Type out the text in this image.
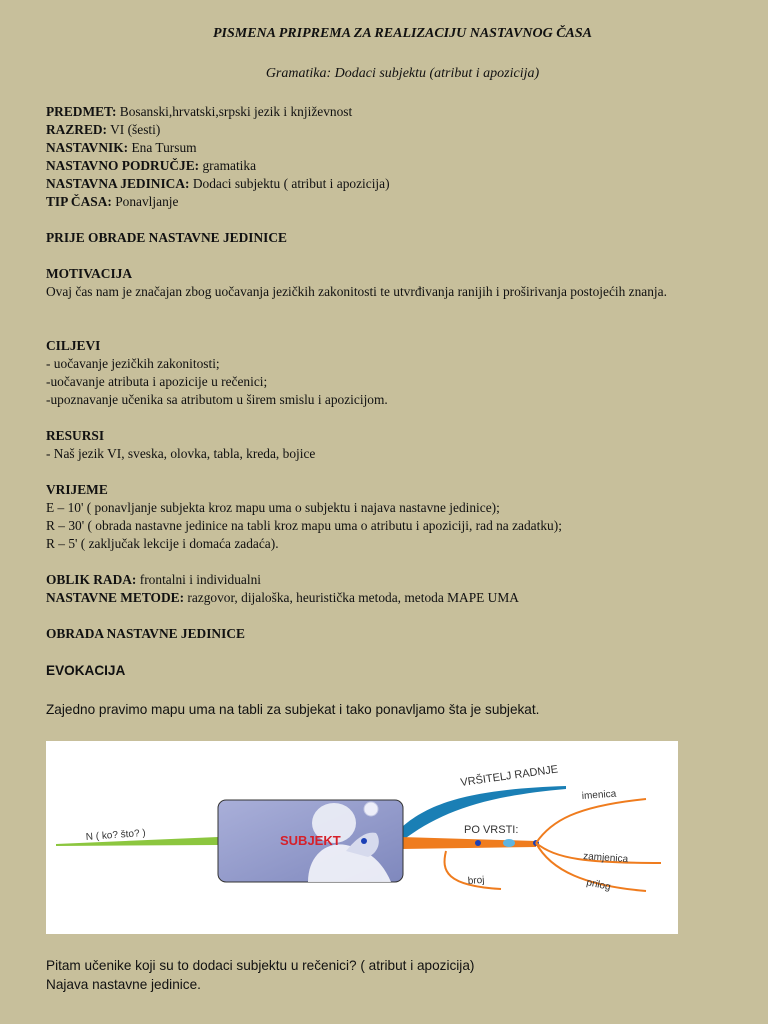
PISMENA PRIPREMA ZA REALIZACIJU NASTAVNOG ČASA
Gramatika: Dodaci subjektu (atribut i apozicija)
PREDMET: Bosanski,hrvatski,srpski jezik i književnost
RAZRED: VI (šesti)
NASTAVNIK: Ena Tursum
NASTAVNO PODRUČJE: gramatika
NASTAVNA JEDINICA: Dodaci subjektu ( atribut i apozicija)
TIP ČASA: Ponavljanje
PRIJE OBRADE NASTAVNE JEDINICE
MOTIVACIJA
Ovaj čas nam je značajan zbog uočavanja jezičkih zakonitosti te utvrđivanja ranijih i proširivanja postojećih znanja.
CILJEVI
- uočavanje jezičkih zakonitosti;
-uočavanje atributa i apozicije u rečenici;
-upoznavanje učenika sa atributom u širem smislu i apozicijom.
RESURSI
- Naš jezik VI, sveska, olovka, tabla, kreda, bojice
VRIJEME
E – 10' ( ponavljanje subjekta kroz mapu uma o subjektu i najava nastavne jedinice);
R – 30' ( obrada nastavne jedinice na tabli kroz mapu uma o atributu i apoziciji, rad na zadatku);
R – 5' ( zaključak lekcije i domaća zadaća).
OBLIK RADA: frontalni i individualni
NASTAVNE METODE: razgovor, dijaloška, heuristička metoda, metoda MAPE UMA
OBRADA NASTAVNE JEDINICE
EVOKACIJA
Zajedno pravimo mapu uma na tabli za subjekat i tako ponavljamo šta je subjekat.
Pitam učenike koji su to dodaci subjektu u rečenici? ( atribut i apozicija)
Najava nastavne jedinice.
N ( ko? što? )
VRŠITELJ RADNJE
PO VRSTI:
imenica
zamjenica
prilog
broj
SUBJEKT
